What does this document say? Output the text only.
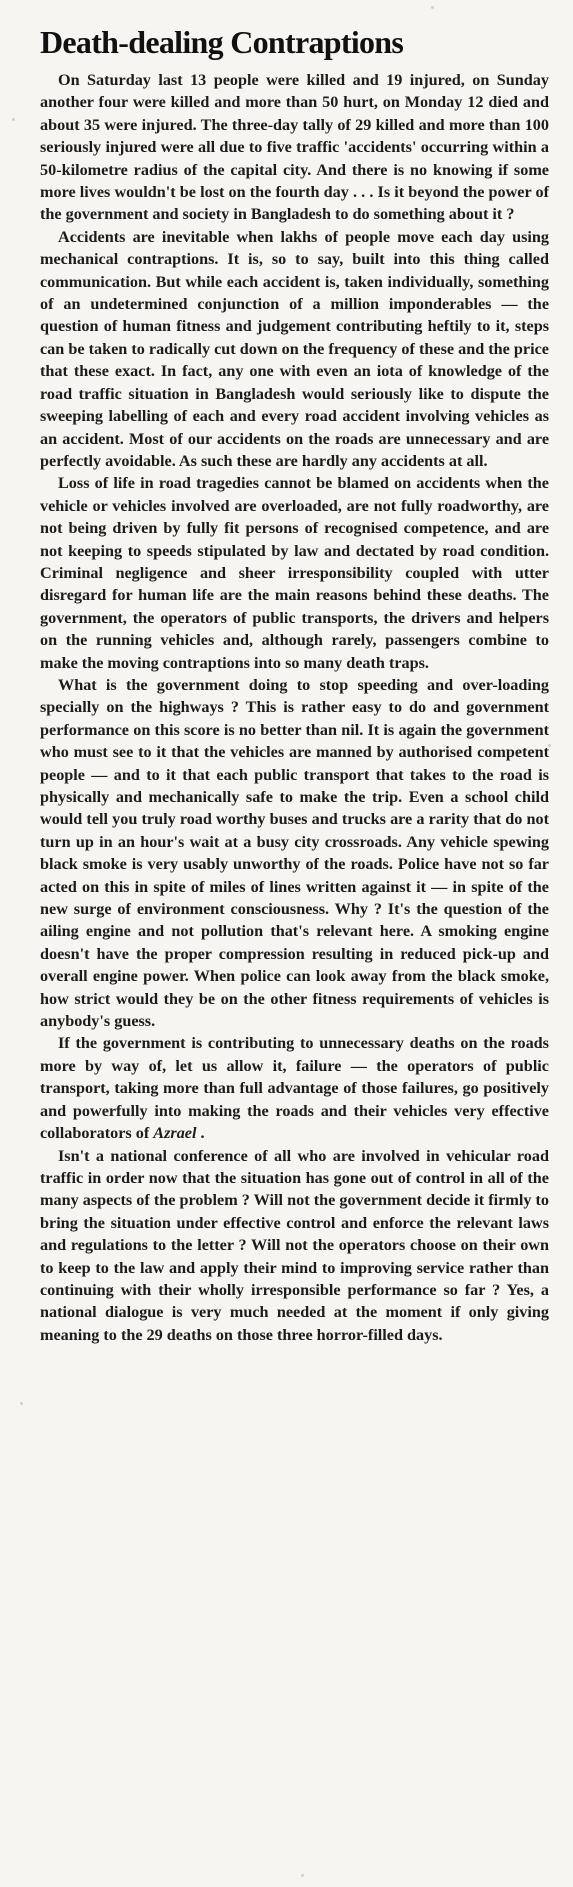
Death-dealing Contraptions

On Saturday last 13 people were killed and 19 injured, on Sunday another four were killed and more than 50 hurt, on Monday 12 died and about 35 were injured. The three-day tally of 29 killed and more than 100 seriously injured were all due to five traffic 'accidents' occurring within a 50-kilometre radius of the capital city. And there is no knowing if some more lives wouldn't be lost on the fourth day . . . Is it beyond the power of the government and society in Bangladesh to do something about it ?

Accidents are inevitable when lakhs of people move each day using mechanical contraptions. It is, so to say, built into this thing called communication. But while each accident is, taken individually, something of an undetermined conjunction of a million imponderables — the question of human fitness and judgement contributing heftily to it, steps can be taken to radically cut down on the frequency of these and the price that these exact. In fact, any one with even an iota of knowledge of the road traffic situation in Bangladesh would seriously like to dispute the sweeping labelling of each and every road accident involving vehicles as an accident. Most of our accidents on the roads are unnecessary and are perfectly avoidable. As such these are hardly any accidents at all.

Loss of life in road tragedies cannot be blamed on accidents when the vehicle or vehicles involved are overloaded, are not fully roadworthy, are not being driven by fully fit persons of recognised competence, and are not keeping to speeds stipulated by law and dectated by road condition. Criminal negligence and sheer irresponsibility coupled with utter disregard for human life are the main reasons behind these deaths. The government, the operators of public transports, the drivers and helpers on the running vehicles and, although rarely, passengers combine to make the moving contraptions into so many death traps.

What is the government doing to stop speeding and over-loading specially on the highways ? This is rather easy to do and government performance on this score is no better than nil. It is again the government who must see to it that the vehicles are manned by authorised competent people — and to it that each public transport that takes to the road is physically and mechanically safe to make the trip. Even a school child would tell you truly road worthy buses and trucks are a rarity that do not turn up in an hour's wait at a busy city crossroads. Any vehicle spewing black smoke is very usably unworthy of the roads. Police have not so far acted on this in spite of miles of lines written against it — in spite of the new surge of environment consciousness. Why ? It's the question of the ailing engine and not pollution that's relevant here. A smoking engine doesn't have the proper compression resulting in reduced pick-up and overall engine power. When police can look away from the black smoke, how strict would they be on the other fitness requirements of vehicles is anybody's guess.

If the government is contributing to unnecessary deaths on the roads more by way of, let us allow it, failure — the operators of public transport, taking more than full advantage of those failures, go positively and powerfully into making the roads and their vehicles very effective collaborators of Azrael .

Isn't a national conference of all who are involved in vehicular road traffic in order now that the situation has gone out of control in all of the many aspects of the problem ? Will not the government decide it firmly to bring the situation under effective control and enforce the relevant laws and regulations to the letter ? Will not the operators choose on their own to keep to the law and apply their mind to improving service rather than continuing with their wholly irresponsible performance so far ? Yes, a national dialogue is very much needed at the moment if only giving meaning to the 29 deaths on those three horror-filled days.
